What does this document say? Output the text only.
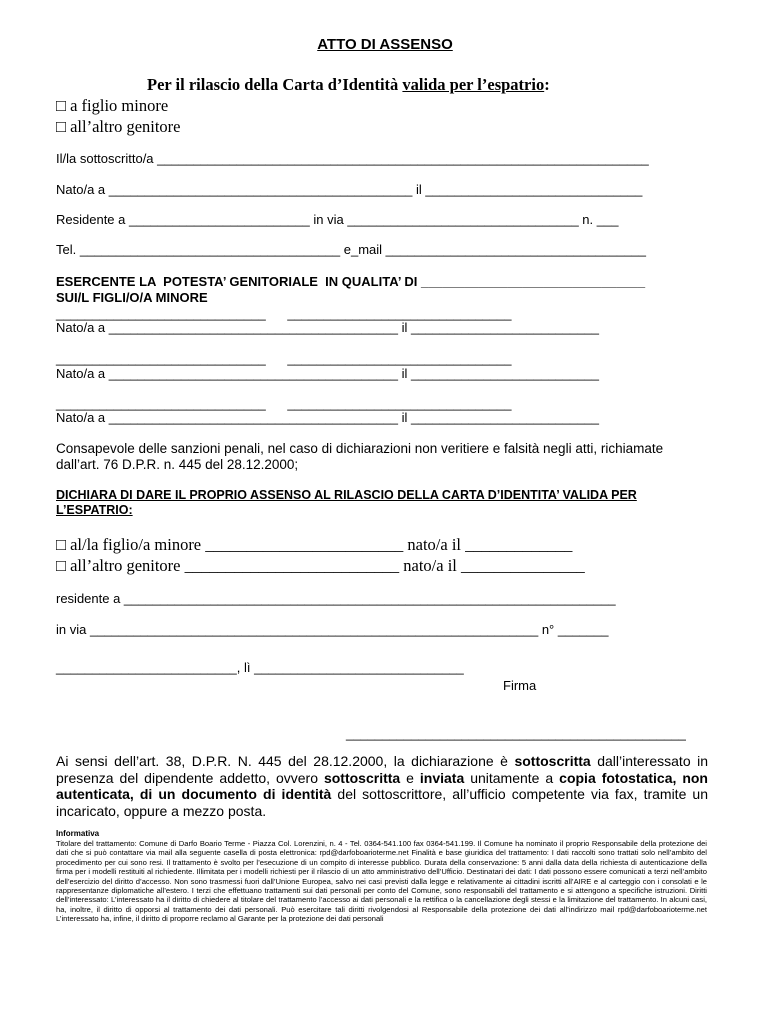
ATTO DI ASSENSO
Per il rilascio della Carta d’Identità valida per l’espatrio:
□ a figlio minore
□ all’altro genitore
Il/la sottoscritto/a ____________________________________________________________________
Nato/a a __________________________________________ il ______________________________
Residente a _________________________ in via ________________________________ n. ___
Tel. ____________________________________ e_mail ____________________________________
ESERCENTE LA  POTESTA’ GENITORIALE  IN QUALITA’ DI _______________________________
SUI/L FIGLI/O/A MINORE
_____________________________      _______________________________
Nato/a a ________________________________________ il __________________________
_____________________________      _______________________________
Nato/a a ________________________________________ il __________________________
_____________________________      _______________________________
Nato/a a ________________________________________ il __________________________
Consapevole delle sanzioni penali, nel caso di dichiarazioni non veritiere e falsità negli atti, richiamate dall’art. 76 D.P.R. n. 445 del 28.12.2000;
DICHIARA DI DARE IL PROPRIO ASSENSO AL RILASCIO DELLA CARTA D’IDENTITA’ VALIDA PER L’ESPATRIO:
□ al/la figlio/a minore ________________________ nato/a il _____________
□ all’altro genitore __________________________ nato/a il _______________
residente a ____________________________________________________________________
in via ______________________________________________________________ n° _______
_________________________, lì _____________________________
Firma
_______________________________________________
Ai sensi dell’art. 38, D.P.R. N. 445 del 28.12.2000, la dichiarazione è sottoscritta dall’interessato in presenza del dipendente addetto, ovvero sottoscritta e inviata unitamente a copia fotostatica, non autenticata, di un documento di identità del sottoscrittore, all’ufficio competente via fax, tramite un incaricato, oppure a mezzo posta.
Informativa
Titolare del trattamento: Comune di Darfo Boario Terme - Piazza Col. Lorenzini, n. 4 - Tel. 0364-541.100 fax 0364-541.199. Il Comune ha nominato il proprio Responsabile della protezione dei dati che si può contattare via mail alla seguente casella di posta elettronica: rpd@darfoboarioterme.net Finalità e base giuridica del trattamento: I dati raccolti sono trattati solo nell’ambito del procedimento per cui sono resi. Il trattamento è svolto per l’esecuzione di un compito di interesse pubblico. Durata della conservazione: 5 anni dalla data della richiesta di autenticazione della firma per i modelli restituiti al richiedente. Illimitata per i modelli richiesti per il rilascio di un atto amministrativo dell’Ufficio. Destinatari dei dati: I dati possono essere comunicati a terzi nell’ambito dell’esercizio del diritto d’accesso. Non sono trasmessi fuori dall’Unione Europea, salvo nei casi previsti dalla legge e relativamente ai cittadini iscritti all’AIRE e al carteggio con i consolati e le rappresentanze diplomatiche all’estero. I terzi che effettuano trattamenti sui dati personali per conto del Comune, sono responsabili del trattamento e si attengono a specifiche istruzioni. Diritti dell’interessato: L’interessato ha il diritto di chiedere al titolare del trattamento l’accesso ai dati personali e la rettifica o la cancellazione degli stessi e la limitazione del trattamento. In alcuni casi, ha, inoltre, il diritto di opporsi al trattamento dei dati personali. Può esercitare tali diritti rivolgendosi al Responsabile della protezione dei dati all’indirizzo mail rpd@darfoboarioterme.net L’interessato ha, infine, il diritto di proporre reclamo al Garante per la protezione dei dati personali
